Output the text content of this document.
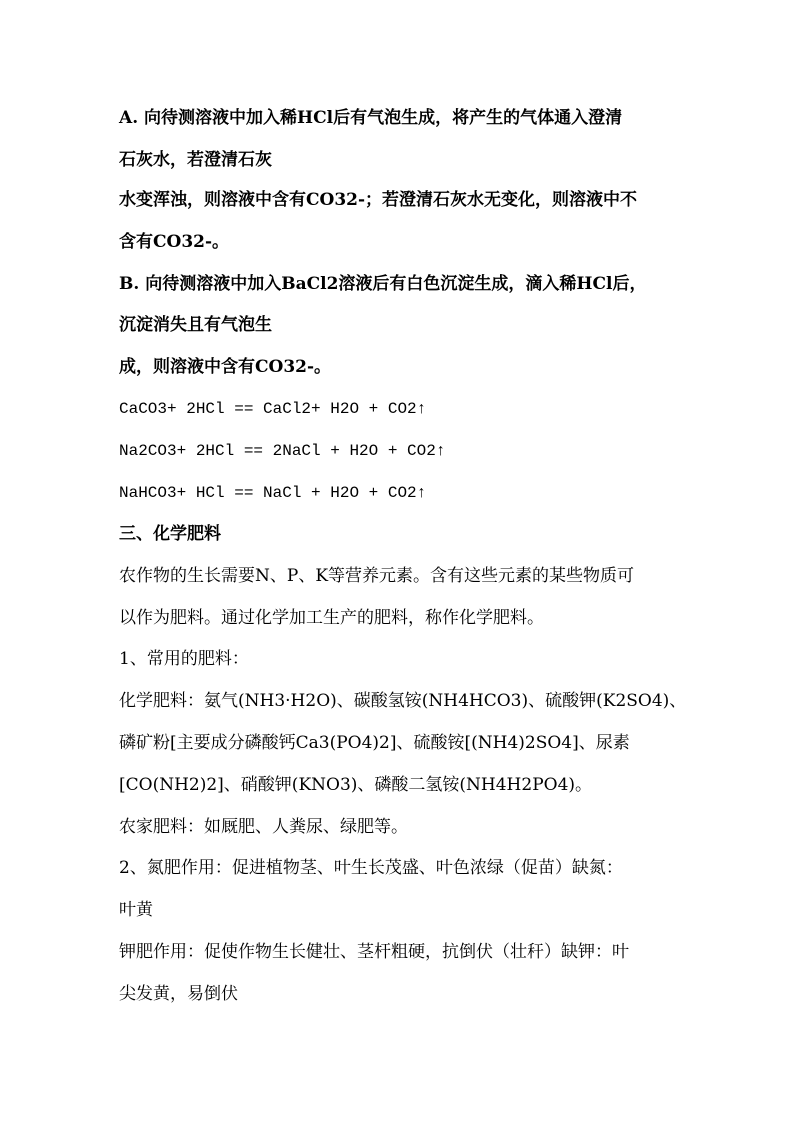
A. 向待测溶液中加入稀HCl后有气泡生成，将产生的气体通入澄清
石灰水，若澄清石灰
水变浑浊，则溶液中含有CO32-；若澄清石灰水无变化，则溶液中不
含有CO32-。
B. 向待测溶液中加入BaCl2溶液后有白色沉淀生成，滴入稀HCl后，
沉淀消失且有气泡生
成，则溶液中含有CO32-。
CaCO3+ 2HCl == CaCl2+ H2O + CO2↑
Na2CO3+ 2HCl == 2NaCl + H2O + CO2↑
NaHCO3+ HCl == NaCl + H2O + CO2↑
三、化学肥料
农作物的生长需要N、P、K等营养元素。含有这些元素的某些物质可
以作为肥料。通过化学加工生产的肥料，称作化学肥料。
1、常用的肥料：
化学肥料：氨气(NH3·H2O)、碳酸氢铵(NH4HCO3)、硫酸钾(K2SO4)、
磷矿粉[主要成分磷酸钙Ca3(PO4)2]、硫酸铵[(NH4)2SO4]、尿素
[CO(NH2)2]、硝酸钾(KNO3)、磷酸二氢铵(NH4H2PO4)。
农家肥料：如厩肥、人粪尿、绿肥等。
2、氮肥作用：促进植物茎、叶生长茂盛、叶色浓绿（促苗）缺氮：
叶黄
钾肥作用：促使作物生长健壮、茎杆粗硬，抗倒伏（壮秆）缺钾：叶
尖发黄，易倒伏
